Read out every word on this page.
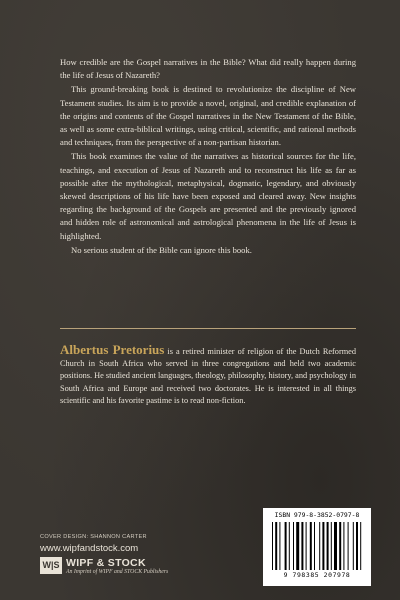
How credible are the Gospel narratives in the Bible? What did really happen during the life of Jesus of Nazareth?

This ground-breaking book is destined to revolutionize the discipline of New Testament studies. Its aim is to provide a novel, original, and credible explanation of the origins and contents of the Gospel narratives in the New Testament of the Bible, as well as some extra-biblical writings, using critical, scientific, and rational methods and techniques, from the perspective of a non-partisan historian.

This book examines the value of the narratives as historical sources for the life, teachings, and execution of Jesus of Nazareth and to reconstruct his life as far as possible after the mythological, metaphysical, dogmatic, legendary, and obviously skewed descriptions of his life have been exposed and cleared away. New insights regarding the background of the Gospels are presented and the previously ignored and hidden role of astronomical and astrological phenomena in the life of Jesus is highlighted.

No serious student of the Bible can ignore this book.

Albertus Pretorius is a retired minister of religion of the Dutch Reformed Church in South Africa who served in three congregations and held two academic positions. He studied ancient languages, theology, philosophy, history, and psychology in South Africa and Europe and received two doctorates. He is interested in all things scientific and his favorite pastime is to read non-fiction.
COVER DESIGN: SHANNON CARTER
www.wipfandstock.com
W|S WIPF & STOCK
An Imprint of WIPF and STOCK Publishers
ISBN 979-8-3852-0797-8
9 798385 207978
